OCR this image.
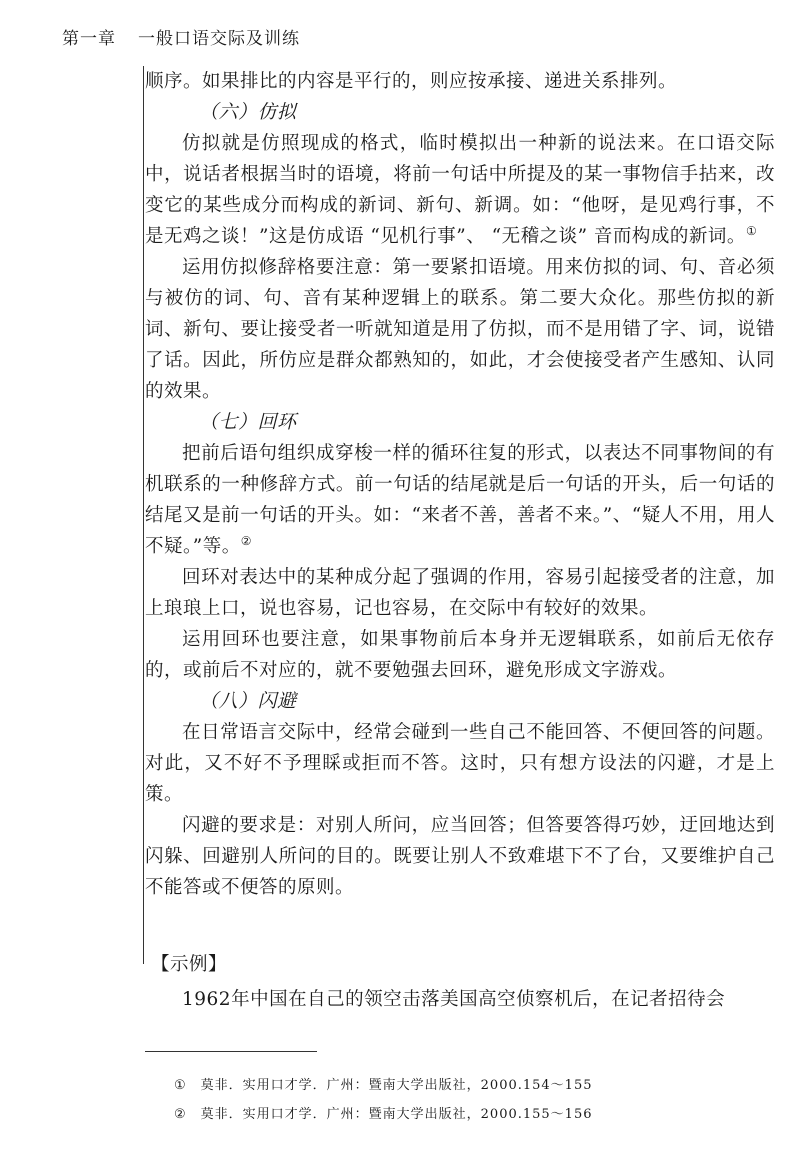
第一章 一般口语交际及训练

顺序。如果排比的内容是平行的，则应按承接、递进关系排列。

（六）仿拟

仿拟就是仿照现成的格式，临时模拟出一种新的说法来。在口语交际中，说话者根据当时的语境，将前一句话中所提及的某一事物信手拈来，改变它的某些成分而构成的新词、新句、新调。如：“他呀，是见鸡行事，不是无鸡之谈！”这是仿成语 “见机行事”、 “无稽之谈” 音而构成的新词。①

运用仿拟修辞格要注意：第一要紧扣语境。用来仿拟的词、句、音必须与被仿的词、句、音有某种逻辑上的联系。第二要大众化。那些仿拟的新词、新句、要让接受者一听就知道是用了仿拟，而不是用错了字、词，说错了话。因此，所仿应是群众都熟知的，如此，才会使接受者产生感知、认同的效果。

（七）回环

把前后语句组织成穿梭一样的循环往复的形式，以表达不同事物间的有机联系的一种修辞方式。前一句话的结尾就是后一句话的开头，后一句话的结尾又是前一句话的开头。如：“来者不善，善者不来。”、“疑人不用，用人不疑。”等。②

回环对表达中的某种成分起了强调的作用，容易引起接受者的注意，加上琅琅上口，说也容易，记也容易，在交际中有较好的效果。

运用回环也要注意，如果事物前后本身并无逻辑联系，如前后无依存的，或前后不对应的，就不要勉强去回环，避免形成文字游戏。

（八）闪避

在日常语言交际中，经常会碰到一些自己不能回答、不便回答的问题。对此，又不好不予理睬或拒而不答。这时，只有想方设法的闪避，才是上策。

闪避的要求是：对别人所问，应当回答；但答要答得巧妙，迂回地达到闪躲、回避别人所问的目的。既要让别人不致难堪下不了台，又要维护自己不能答或不便答的原则。

【示例】

1962年中国在自己的领空击落美国高空侦察机后，在记者招待会

① 莫非．实用口才学．广州：暨南大学出版社，2000.154～155
② 莫非．实用口才学．广州：暨南大学出版社，2000.155～156
